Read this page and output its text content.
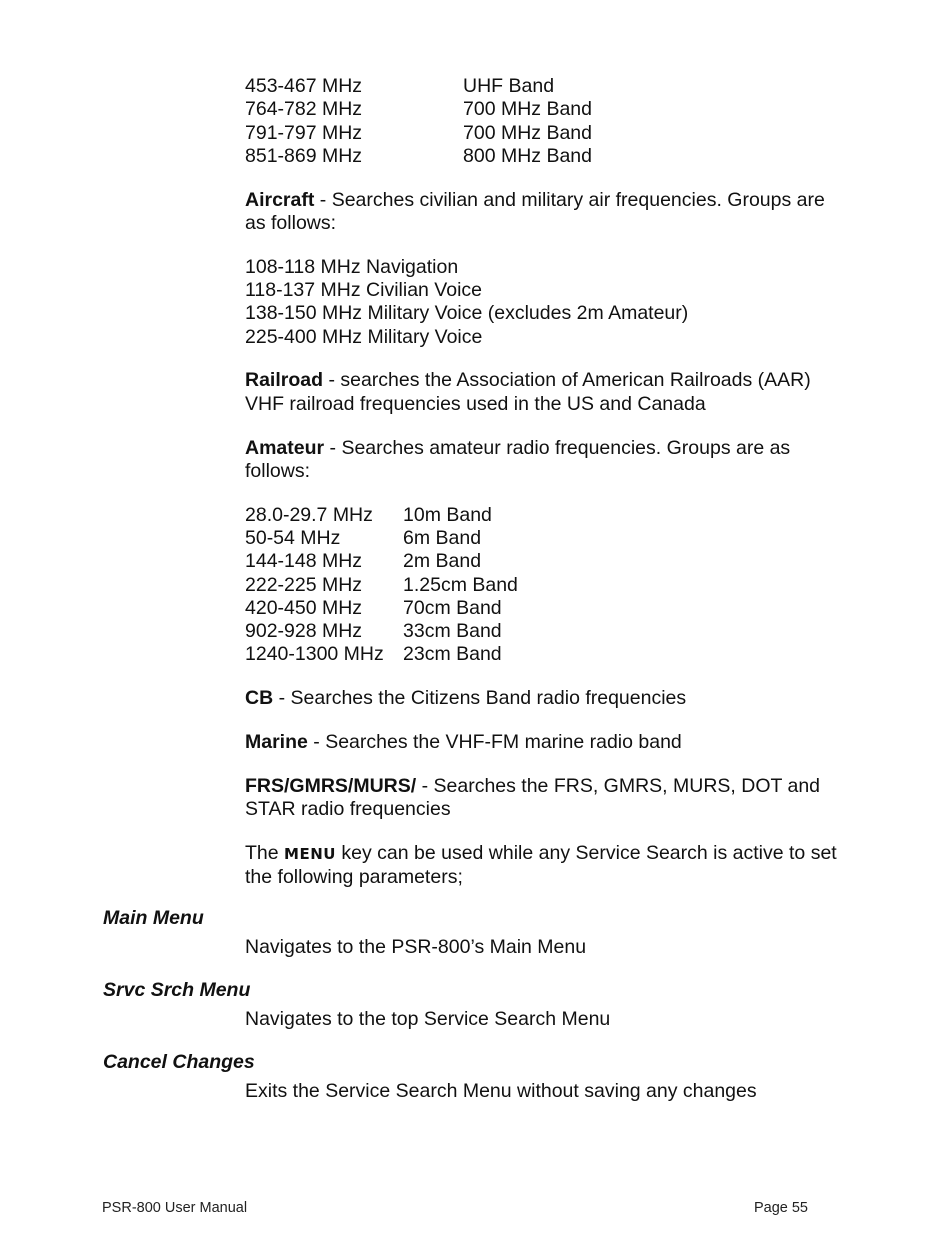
453-467 MHz	UHF Band
764-782 MHz	700 MHz Band
791-797 MHz	700 MHz Band
851-869 MHz	800 MHz Band

Aircraft - Searches civilian and military air frequencies. Groups are as follows:

108-118 MHz Navigation
118-137 MHz Civilian Voice
138-150 MHz Military Voice (excludes 2m Amateur)
225-400 MHz Military Voice

Railroad - searches the Association of American Railroads (AAR) VHF railroad frequencies used in the US and Canada

Amateur - Searches amateur radio frequencies. Groups are as follows:

28.0-29.7 MHz	10m Band
50-54 MHz	6m Band
144-148 MHz	2m Band
222-225 MHz	1.25cm Band
420-450 MHz	70cm Band
902-928 MHz	33cm Band
1240-1300 MHz 23cm Band

CB - Searches the Citizens Band radio frequencies

Marine - Searches the VHF-FM marine radio band

FRS/GMRS/MURS/ - Searches the FRS, GMRS, MURS, DOT and STAR radio frequencies

The MENU key can be used while any Service Search is active to set the following parameters;

Main Menu
Navigates to the PSR-800’s Main Menu
Srvc Srch Menu
Navigates to the top Service Search Menu
Cancel Changes
Exits the Service Search Menu without saving any changes
PSR-800 User Manual	Page 55
